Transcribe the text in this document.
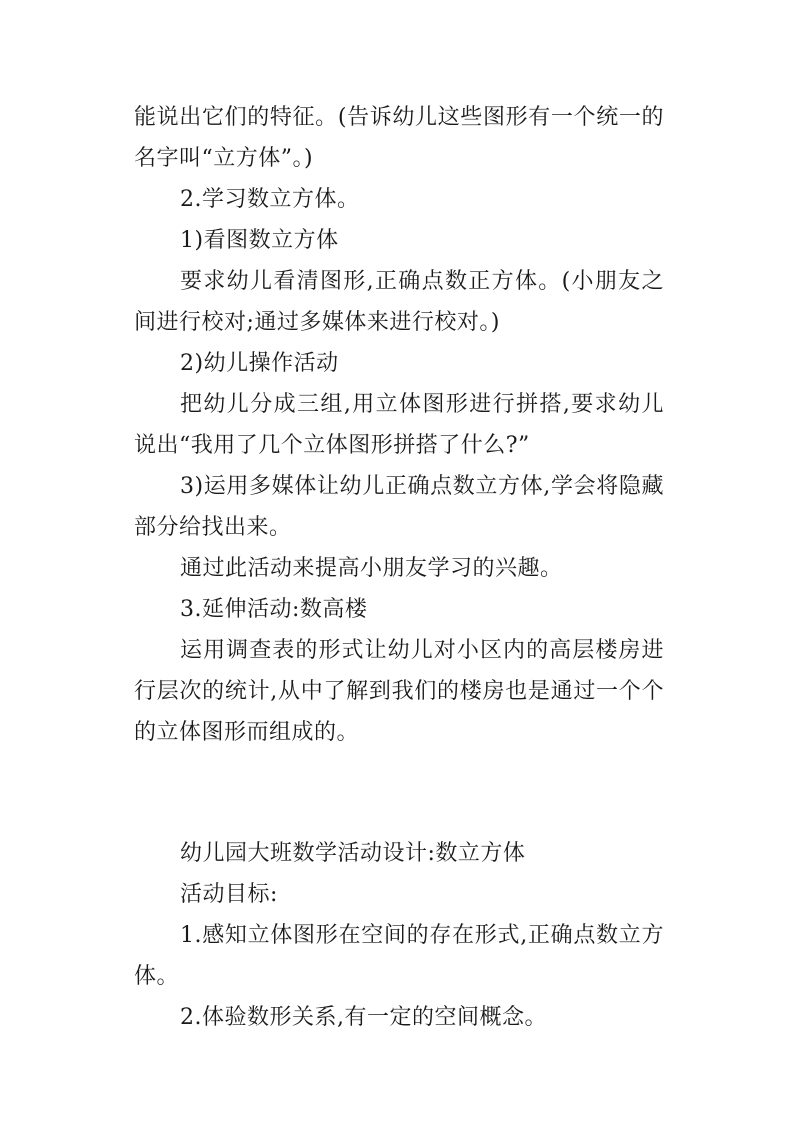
能说出它们的特征。(告诉幼儿这些图形有一个统一的名字叫“立方体”。)

2.学习数立方体。

1)看图数立方体

要求幼儿看清图形,正确点数正方体。(小朋友之间进行校对;通过多媒体来进行校对。)

2)幼儿操作活动

把幼儿分成三组,用立体图形进行拼搭,要求幼儿说出“我用了几个立体图形拼搭了什么?”

3)运用多媒体让幼儿正确点数立方体,学会将隐藏部分给找出来。

通过此活动来提高小朋友学习的兴趣。

3.延伸活动:数高楼

运用调查表的形式让幼儿对小区内的高层楼房进行层次的统计,从中了解到我们的楼房也是通过一个个的立体图形而组成的。

幼儿园大班数学活动设计:数立方体

活动目标:

1.感知立体图形在空间的存在形式,正确点数立方体。

2.体验数形关系,有一定的空间概念。
